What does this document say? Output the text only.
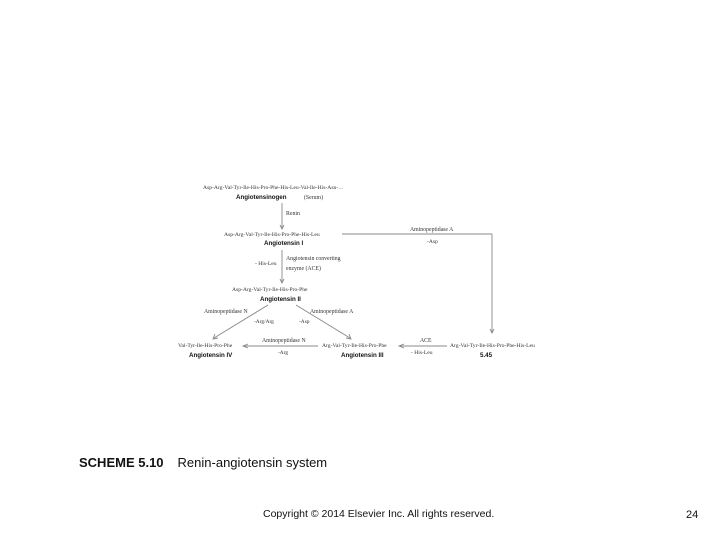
Asp-Arg-Val-Tyr-Ile-His-Pro-Phe-His-Leu-Val-Ile-His-Asn-…
Angiotensinogen	(Serum)
Renin
Asp-Arg-Val-Tyr-Ile-His-Pro-Phe-His-Leu
Angiotensin I
Aminopeptidase A
-Asp
- His-Leu
Angiotensin converting
enzyme (ACE)
Asp-Arg-Val-Tyr-Ile-His-Pro-Phe
Angiotensin II
Aminopeptidase N
-Arg/Arg
Aminopeptidase A
-Asp
Val-Tyr-Ile-His-Pro-Phe
Angiotensin IV
Aminopeptidase N
-Arg
Arg-Val-Tyr-Ile-His-Pro-Phe
Angiotensin III
ACE
- His-Leu
Arg-Val-Tyr-Ile-His-Pro-Phe-His-Leu
5.45
SCHEME 5.10 Renin-angiotensin system
Copyright © 2014 Elsevier Inc. All rights reserved.	24
